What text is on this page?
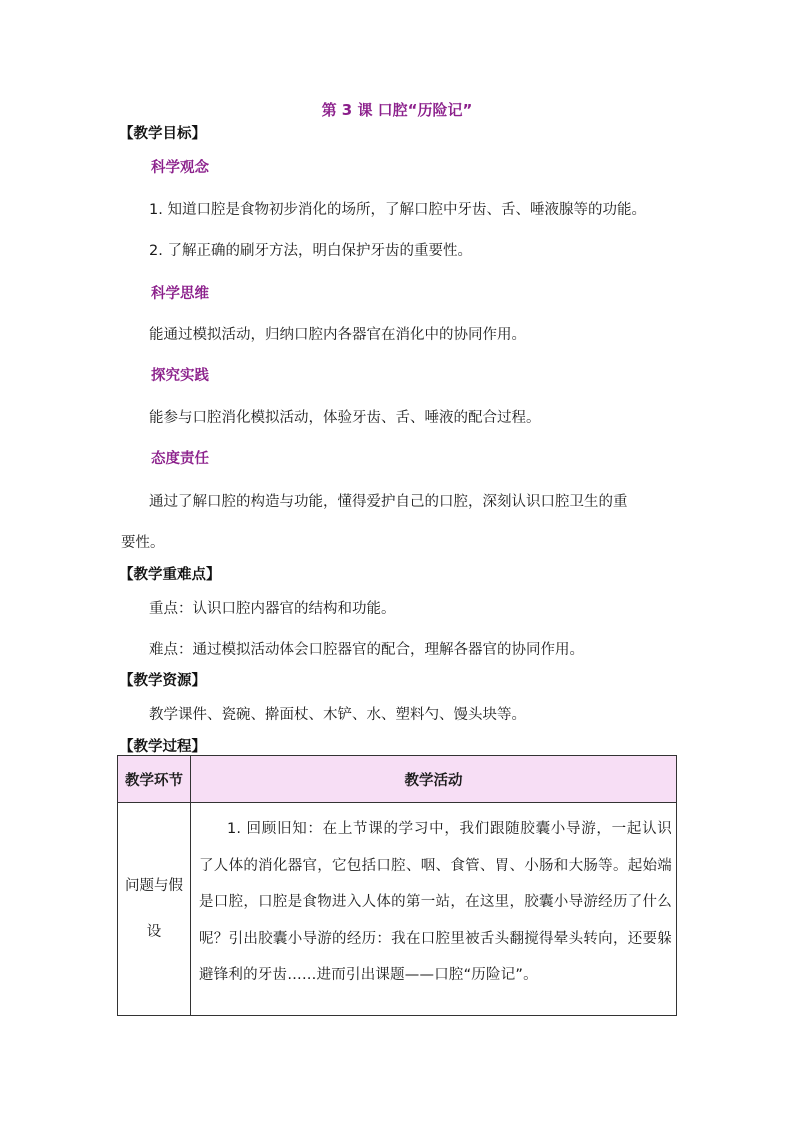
第 3 课 口腔“历险记”
【教学目标】
科学观念
1. 知道口腔是食物初步消化的场所，了解口腔中牙齿、舌、唾液腺等的功能。
2. 了解正确的刷牙方法，明白保护牙齿的重要性。
科学思维
能通过模拟活动，归纳口腔内各器官在消化中的协同作用。
探究实践
能参与口腔消化模拟活动，体验牙齿、舌、唾液的配合过程。
态度责任
通过了解口腔的构造与功能，懂得爱护自己的口腔，深刻认识口腔卫生的重
要性。
【教学重难点】
重点：认识口腔内器官的结构和功能。
难点：通过模拟活动体会口腔器官的配合，理解各器官的协同作用。
【教学资源】
教学课件、瓷碗、擀面杖、木铲、水、塑料勺、馒头块等。
【教学过程】
教学环节	教学活动
问题与假设	1. 回顾旧知：在上节课的学习中，我们跟随胶囊小导游，一起认识了人体的消化器官，它包括口腔、咽、食管、胃、小肠和大肠等。起始端是口腔，口腔是食物进入人体的第一站，在这里，胶囊小导游经历了什么呢？引出胶囊小导游的经历：我在口腔里被舌头翻搅得晕头转向，还要躲避锋利的牙齿……进而引出课题——口腔“历险记”。
